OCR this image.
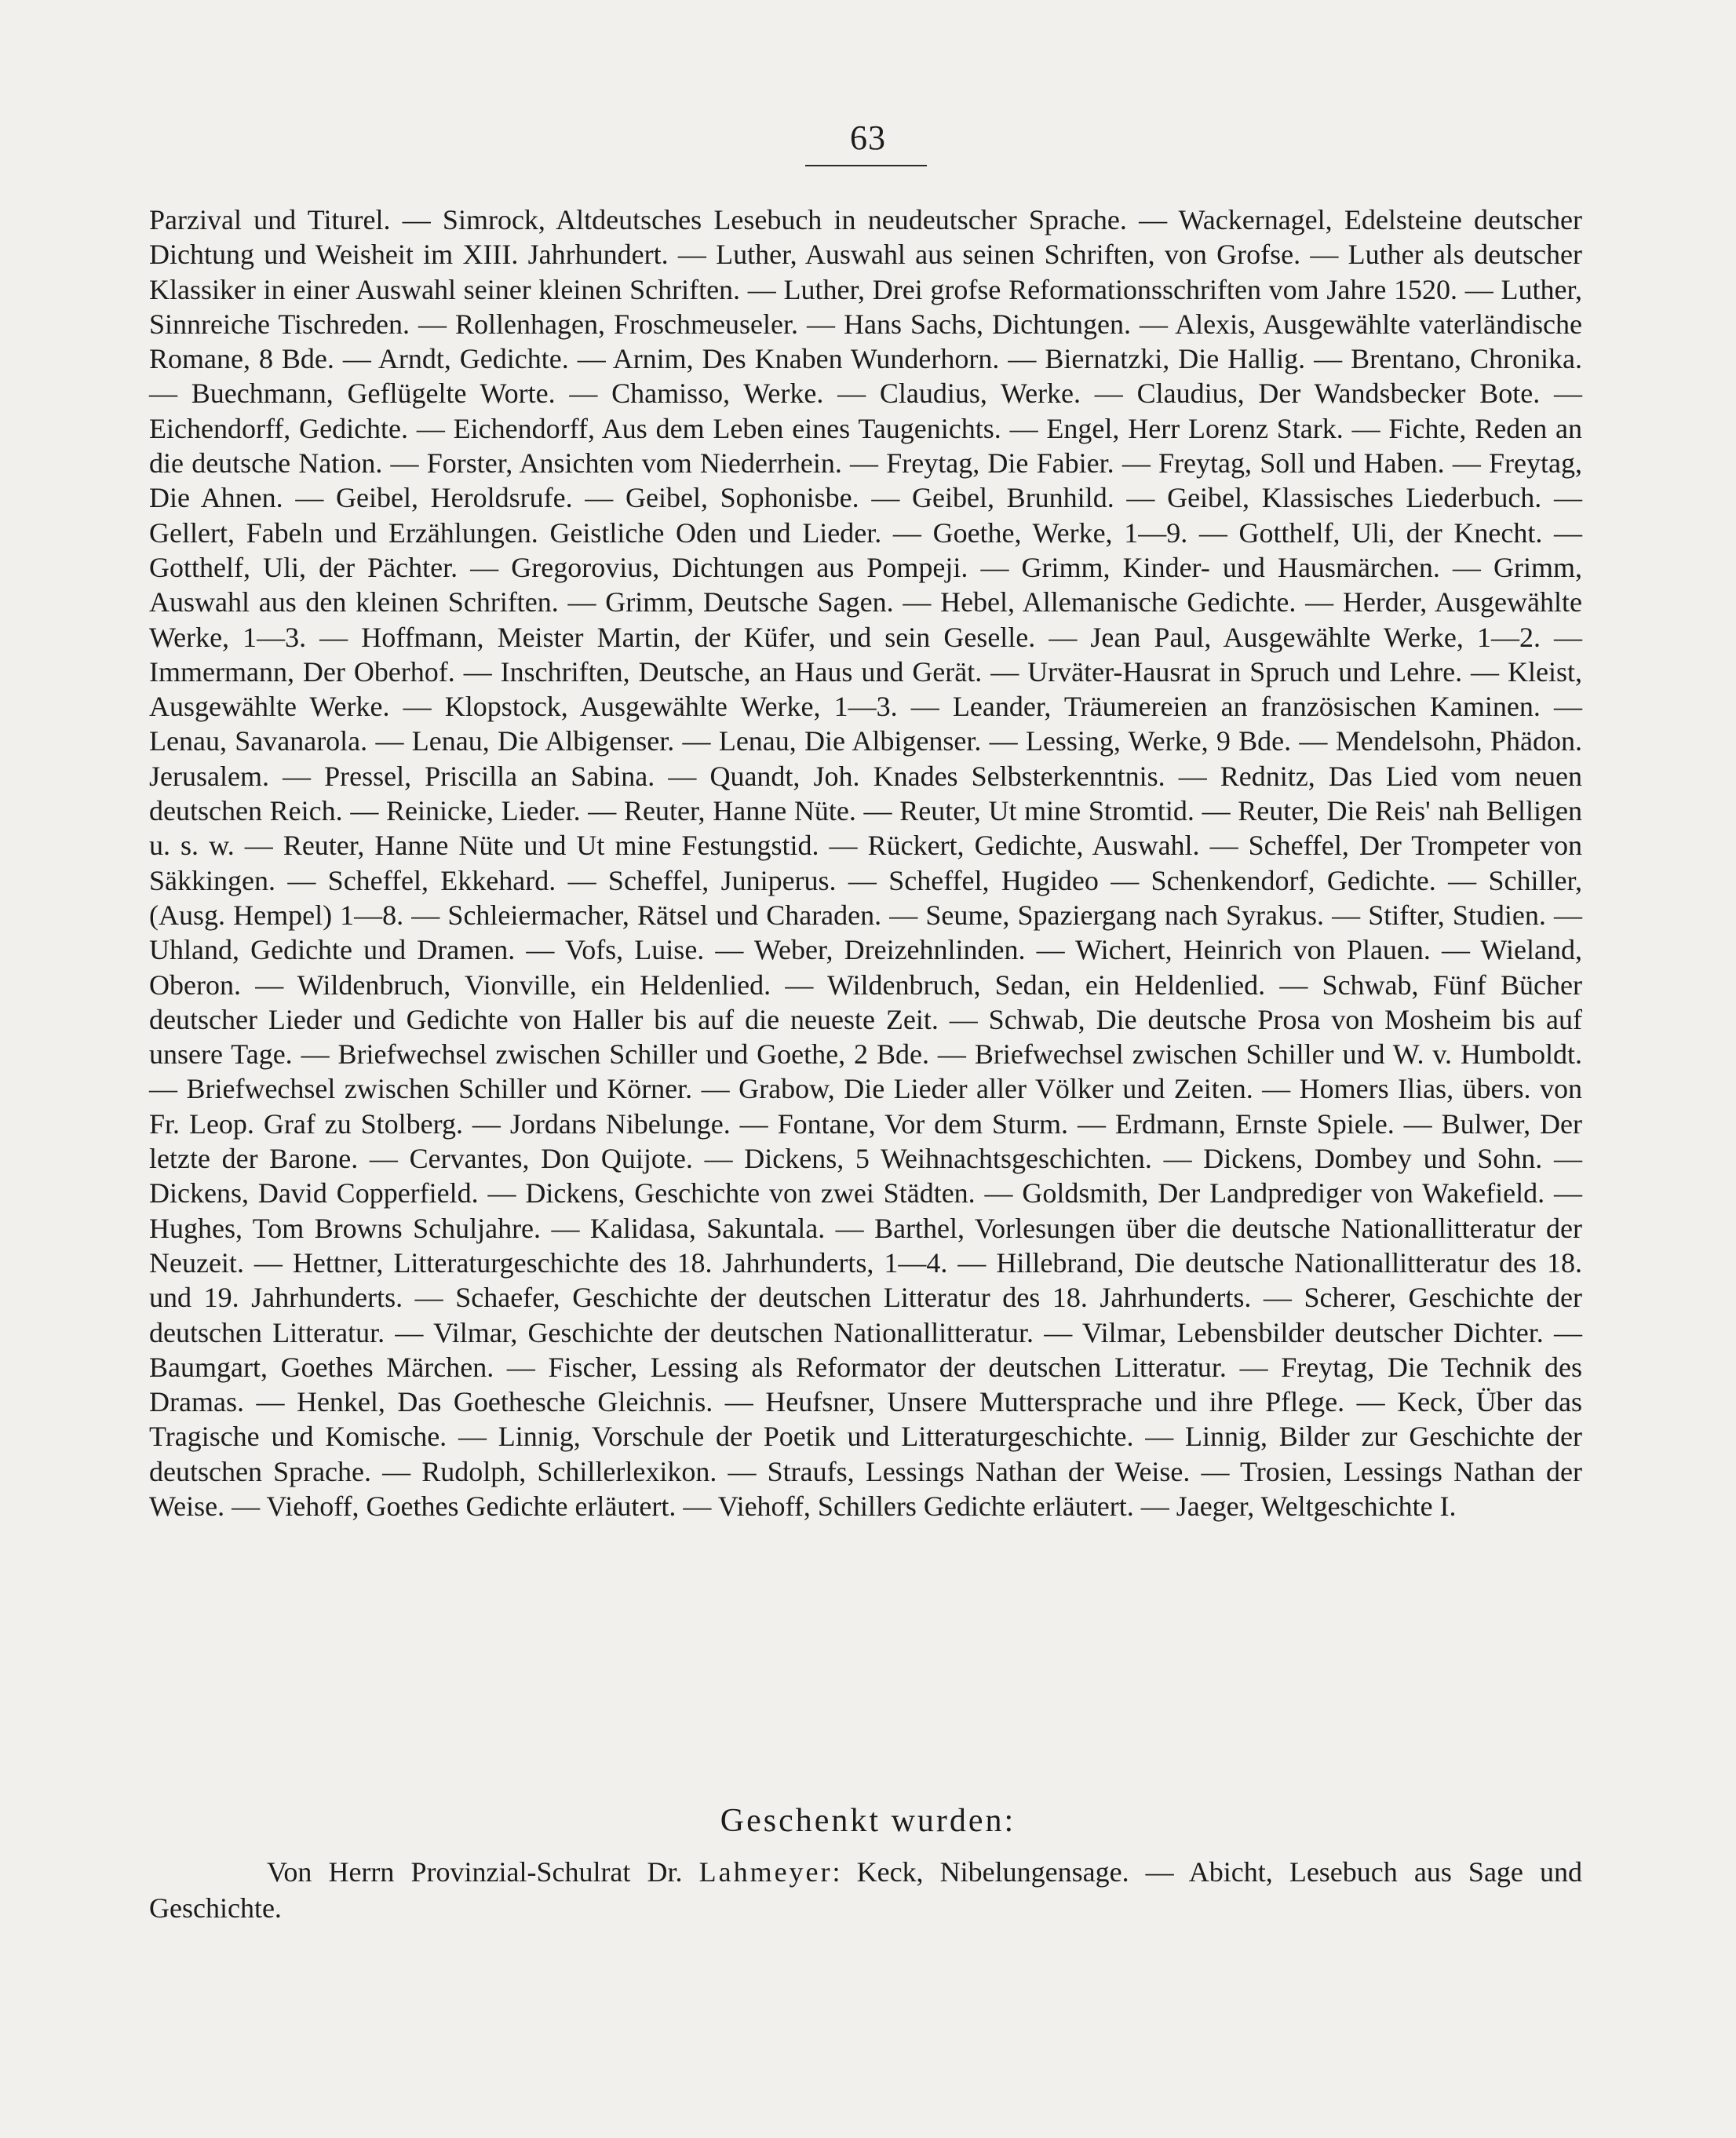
63

Parzival und Titurel. — Simrock, Altdeutsches Lesebuch in neudeutscher Sprache. — Wackernagel, Edelsteine deutscher Dichtung und Weisheit im XIII. Jahrhundert. — Luther, Auswahl aus seinen Schriften, von Grofse. — Luther als deutscher Klassiker in einer Auswahl seiner kleinen Schriften. — Luther, Drei grofse Reformationsschriften vom Jahre 1520. — Luther, Sinnreiche Tischreden. — Rollenhagen, Froschmeuseler. — Hans Sachs, Dichtungen. — Alexis, Ausgewählte vaterländische Romane, 8 Bde. — Arndt, Gedichte. — Arnim, Des Knaben Wunderhorn. — Biernatzki, Die Hallig. — Brentano, Chronika. — Buechmann, Geflügelte Worte. — Chamisso, Werke. — Claudius, Werke. — Claudius, Der Wandsbecker Bote. — Eichendorff, Gedichte. — Eichendorff, Aus dem Leben eines Taugenichts. — Engel, Herr Lorenz Stark. — Fichte, Reden an die deutsche Nation. — Forster, Ansichten vom Niederrhein. — Freytag, Die Fabier. — Freytag, Soll und Haben. — Freytag, Die Ahnen. — Geibel, Heroldsrufe. — Geibel, Sophonisbe. — Geibel, Brunhild. — Geibel, Klassisches Liederbuch. — Gellert, Fabeln und Erzählungen. Geistliche Oden und Lieder. — Goethe, Werke, 1—9. — Gotthelf, Uli, der Knecht. — Gotthelf, Uli, der Pächter. — Gregorovius, Dichtungen aus Pompeji. — Grimm, Kinder- und Hausmärchen. — Grimm, Auswahl aus den kleinen Schriften. — Grimm, Deutsche Sagen. — Hebel, Allemanische Gedichte. — Herder, Ausgewählte Werke, 1—3. — Hoffmann, Meister Martin, der Küfer, und sein Geselle. — Jean Paul, Ausgewählte Werke, 1—2. — Immermann, Der Oberhof. — Inschriften, Deutsche, an Haus und Gerät. — Urväter-Hausrat in Spruch und Lehre. — Kleist, Ausgewählte Werke. — Klopstock, Ausgewählte Werke, 1—3. — Leander, Träumereien an französischen Kaminen. — Lenau, Savanarola. — Lenau, Die Albigenser. — Lenau, Die Albigenser. — Lessing, Werke, 9 Bde. — Mendelsohn, Phädon. Jerusalem. — Pressel, Priscilla an Sabina. — Quandt, Joh. Knades Selbsterkenntnis. — Rednitz, Das Lied vom neuen deutschen Reich. — Reinicke, Lieder. — Reuter, Hanne Nüte. — Reuter, Ut mine Stromtid. — Reuter, Die Reis' nah Belligen u. s. w. — Reuter, Hanne Nüte und Ut mine Festungstid. — Rückert, Gedichte, Auswahl. — Scheffel, Der Trompeter von Säkkingen. — Scheffel, Ekkehard. — Scheffel, Juniperus. — Scheffel, Hugideo — Schenkendorf, Gedichte. — Schiller, (Ausg. Hempel) 1—8. — Schleiermacher, Rätsel und Charaden. — Seume, Spaziergang nach Syrakus. — Stifter, Studien. — Uhland, Gedichte und Dramen. — Vofs, Luise. — Weber, Dreizehnlinden. — Wichert, Heinrich von Plauen. — Wieland, Oberon. — Wildenbruch, Vionville, ein Heldenlied. — Wildenbruch, Sedan, ein Heldenlied. — Schwab, Fünf Bücher deutscher Lieder und Gedichte von Haller bis auf die neueste Zeit. — Schwab, Die deutsche Prosa von Mosheim bis auf unsere Tage. — Briefwechsel zwischen Schiller und Goethe, 2 Bde. — Briefwechsel zwischen Schiller und W. v. Humboldt. — Briefwechsel zwischen Schiller und Körner. — Grabow, Die Lieder aller Völker und Zeiten. — Homers Ilias, übers. von Fr. Leop. Graf zu Stolberg. — Jordans Nibelunge. — Fontane, Vor dem Sturm. — Erdmann, Ernste Spiele. — Bulwer, Der letzte der Barone. — Cervantes, Don Quijote. — Dickens, 5 Weihnachtsgeschichten. — Dickens, Dombey und Sohn. — Dickens, David Copperfield. — Dickens, Geschichte von zwei Städten. — Goldsmith, Der Landprediger von Wakefield. — Hughes, Tom Browns Schuljahre. — Kalidasa, Sakuntala. — Barthel, Vorlesungen über die deutsche Nationallitteratur der Neuzeit. — Hettner, Litteraturgeschichte des 18. Jahrhunderts, 1—4. — Hillebrand, Die deutsche Nationallitteratur des 18. und 19. Jahrhunderts. — Schaefer, Geschichte der deutschen Litteratur des 18. Jahrhunderts. — Scherer, Geschichte der deutschen Litteratur. — Vilmar, Geschichte der deutschen Nationallitteratur. — Vilmar, Lebensbilder deutscher Dichter. — Baumgart, Goethes Märchen. — Fischer, Lessing als Reformator der deutschen Litteratur. — Freytag, Die Technik des Dramas. — Henkel, Das Goethesche Gleichnis. — Heufsner, Unsere Muttersprache und ihre Pflege. — Keck, Über das Tragische und Komische. — Linnig, Vorschule der Poetik und Litteraturgeschichte. — Linnig, Bilder zur Geschichte der deutschen Sprache. — Rudolph, Schillerlexikon. — Straufs, Lessings Nathan der Weise. — Trosien, Lessings Nathan der Weise. — Viehoff, Goethes Gedichte erläutert. — Viehoff, Schillers Gedichte erläutert. — Jaeger, Weltgeschichte I.

Geschenkt wurden:

Von Herrn Provinzial-Schulrat Dr. Lahmeyer: Keck, Nibelungensage. — Abicht, Lesebuch aus Sage und Geschichte.
